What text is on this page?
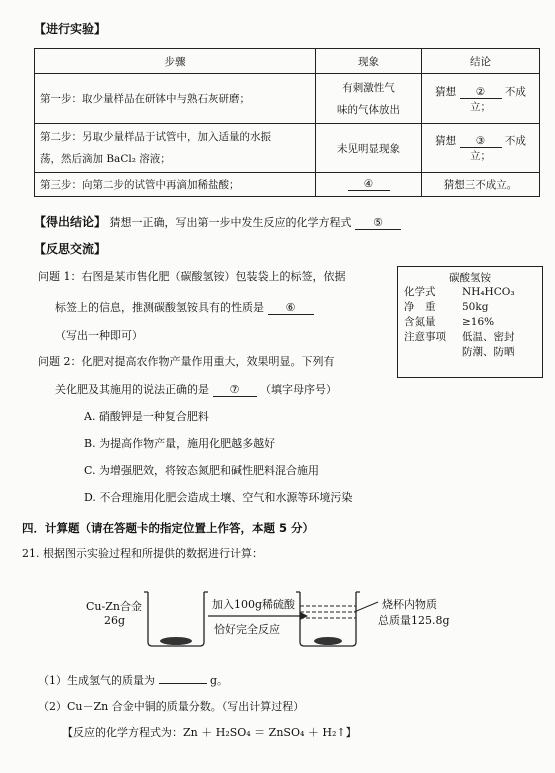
【进行实验】
步骤	现象	结论
第一步：取少量样品在研钵中与熟石灰研磨；	有刺激性气
味的气体放出	猜想 ② 不成立；

第二步：另取少量样品于试管中，加入适量的水振
荡，然后滴加 BaCl₂ 溶液；	未见明显现象	猜想 ③ 不成立；
第三步：向第二步的试管中再滴加稀盐酸；	④	猜想三不成立。
【得出结论】 猜想一正确，写出第一步中发生反应的化学方程式 ⑤
【反思交流】
问题 1：右图是某市售化肥（碳酸氢铵）包装袋上的标签，依据
标签上的信息，推测碳酸氢铵具有的性质是 ⑥
（写出一种即可）
问题 2：化肥对提高农作物产量作用重大，效果明显。下列有
关化肥及其施用的说法正确的是 ⑦ （填字母序号）
A. 硝酸钾是一种复合肥料
B. 为提高作物产量，施用化肥越多越好
C. 为增强肥效，将铵态氮肥和碱性肥料混合施用
D. 不合理施用化肥会造成土壤、空气和水源等环境污染
碳酸氢铵
化学式	NH₄HCO₃
净　重	50kg
含氮量	≥16%
注意事项	低温、密封
防潮、防晒
四．计算题（请在答题卡的指定位置上作答，本题 5 分）
21. 根据图示实验过程和所提供的数据进行计算：
Cu-Zn合金
26g
加入100g稀硫酸
恰好完全反应
烧杯内物质
总质量125.8g
（1）生成氢气的质量为	g。
（2）Cu－Zn 合金中铜的质量分数。（写出计算过程）
【反应的化学方程式为：Zn ＋ H₂SO₄ ＝ ZnSO₄ ＋ H₂↑】
